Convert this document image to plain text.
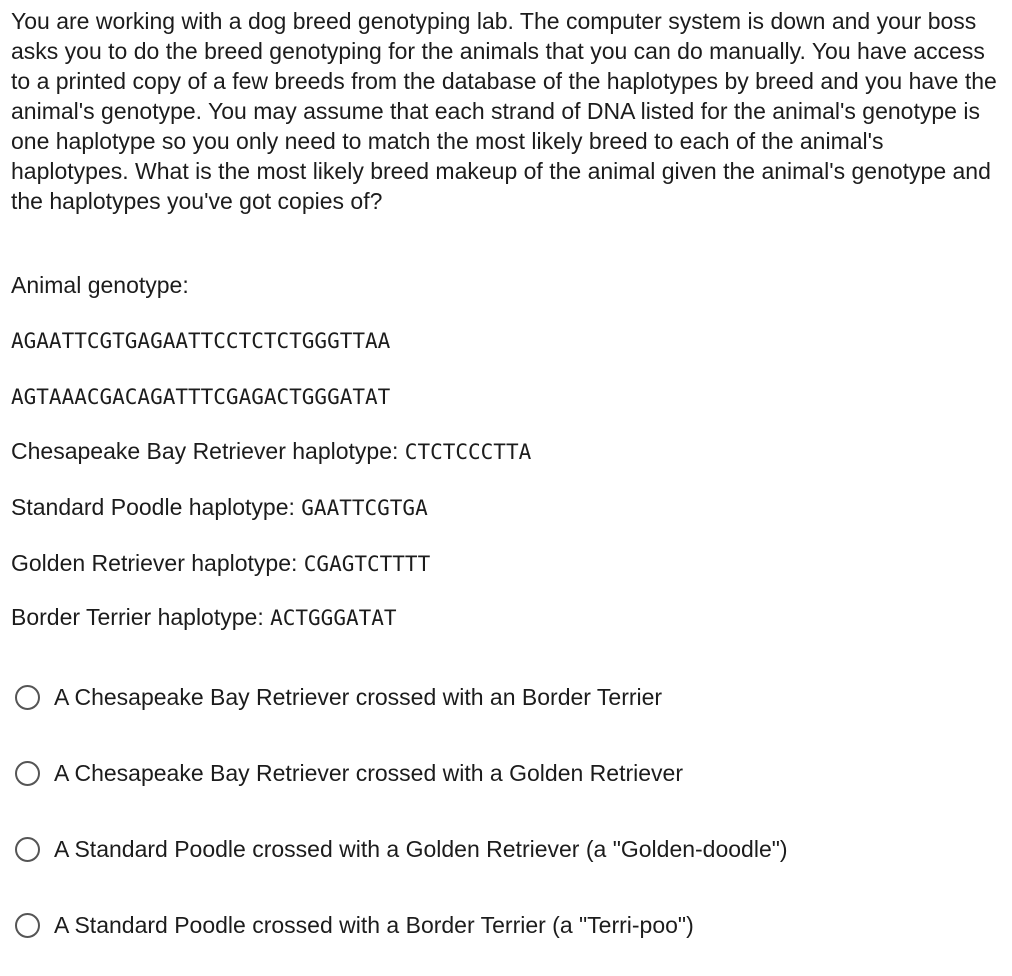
You are working with a dog breed genotyping lab. The computer system is down and your boss asks you to do the breed genotyping for the animals that you can do manually. You have access to a printed copy of a few breeds from the database of the haplotypes by breed and you have the animal's genotype. You may assume that each strand of DNA listed for the animal's genotype is one haplotype so you only need to match the most likely breed to each of the animal's haplotypes. What is the most likely breed makeup of the animal given the animal's genotype and the haplotypes you've got copies of?

Animal genotype:
AGAATTCGTGAGAATTCCTCTCTGGGTTAA
AGTAAACGACAGATTTCGAGACTGGGATAT
Chesapeake Bay Retriever haplotype: CTCTCCCTTA
Standard Poodle haplotype: GAATTCGTGA
Golden Retriever haplotype: CGAGTCTTTT
Border Terrier haplotype: ACTGGGATAT
A Chesapeake Bay Retriever crossed with an Border Terrier
A Chesapeake Bay Retriever crossed with a Golden Retriever
A Standard Poodle crossed with a Golden Retriever (a "Golden-doodle")
A Standard Poodle crossed with a Border Terrier (a "Terri-poo")
